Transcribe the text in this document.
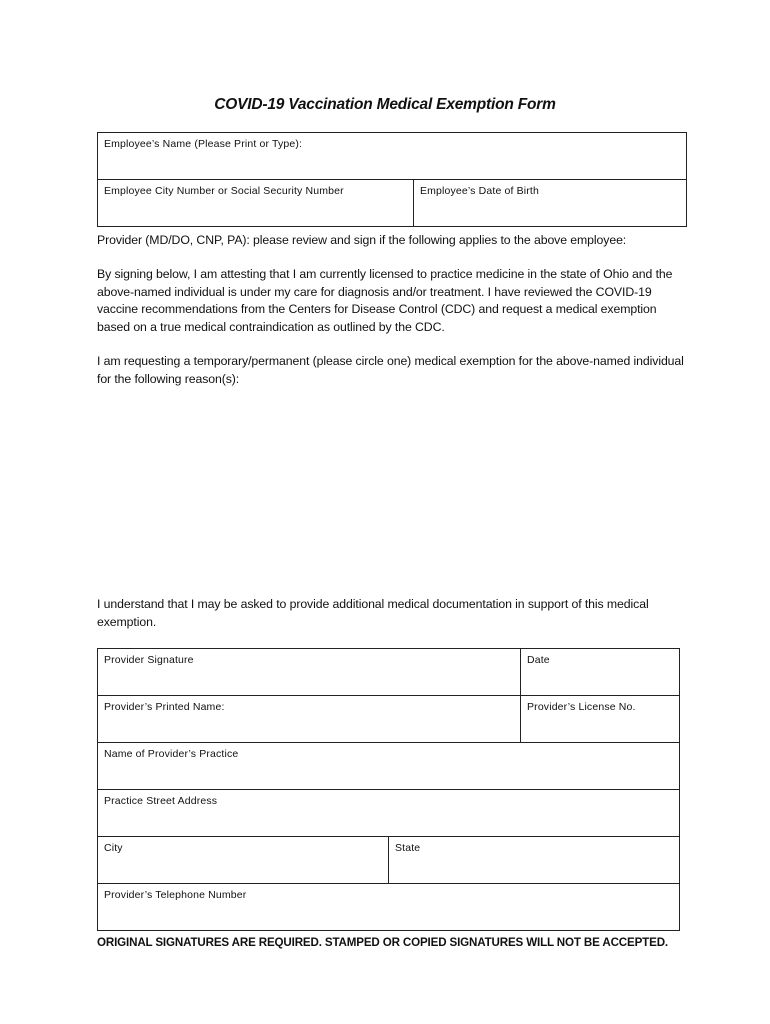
COVID-19 Vaccination Medical Exemption Form
Employee’s Name (Please Print or Type):
Employee City Number or Social Security Number	Employee’s Date of Birth
Provider (MD/DO, CNP, PA): please review and sign if the following applies to the above employee:
By signing below, I am attesting that I am currently licensed to practice medicine in the state of Ohio and the above-named individual is under my care for diagnosis and/or treatment. I have reviewed the COVID-19 vaccine recommendations from the Centers for Disease Control (CDC) and request a medical exemption based on a true medical contraindication as outlined by the CDC.
I am requesting a temporary/permanent (please circle one) medical exemption for the above-named individual for the following reason(s):
I understand that I may be asked to provide additional medical documentation in support of this medical exemption.
Provider Signature		Date
Provider’s Printed Name:		Provider’s License No.
Name of Provider’s Practice		
Practice Street Address		
City	State	
Provider’s Telephone Number		
ORIGINAL SIGNATURES ARE REQUIRED. STAMPED OR COPIED SIGNATURES WILL NOT BE ACCEPTED.
